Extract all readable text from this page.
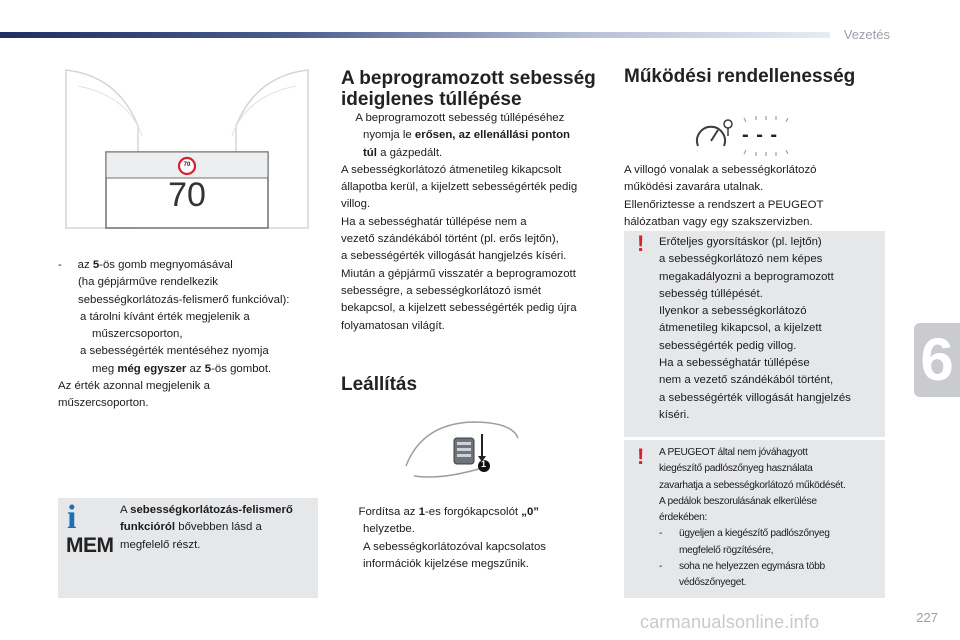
Vezetés
6
carmanualsonline.info	227
70
70

- az 5-ös gomb megnyomásával

(ha gépjárműve rendelkezik

sebességkorlátozás-felismerő funkcióval):

a tárolni kívánt érték megjelenik a

műszercsoporton,

a sebességérték mentéséhez nyomja

meg még egyszer az 5-ös gombot.

Az érték azonnal megjelenik a

műszercsoporton.

i
MEM

A sebességkorlátozás-felismerő

funkcióról bővebben lásd a

megfelelő részt.

A beprogramozott sebesség
ideiglenes túllépése

A beprogramozott sebesség túllépéséhez

nyomja le erősen, az ellenállási ponton

túl a gázpedált.

A sebességkorlátozó átmenetileg kikapcsolt

állapotba kerül, a kijelzett sebességérték pedig

villog.

Ha a sebességhatár túllépése nem a

vezető szándékából történt (pl. erős lejtőn),

a sebességérték villogását hangjelzés kíséri.

Miután a gépjármű visszatér a beprogramozott

sebességre, a sebességkorlátozó ismét

bekapcsol, a kijelzett sebességérték pedig újra

folyamatosan világít.

Leállítás
1

Fordítsa az 1-es forgókapcsolót „0”

helyzetbe.

A sebességkorlátozóval kapcsolatos

információk kijelzése megszűnik.

Működési rendellenesség
- - -

A villogó vonalak a sebességkorlátozó

működési zavarára utalnak.

Ellenőriztesse a rendszert a PEUGEOT

hálózatban vagy egy szakszervizben.

! Erőteljes gyorsításkor (pl. lejtőn)

a sebességkorlátozó nem képes

megakadályozni a beprogramozott

sebesség túllépését.

Ilyenkor a sebességkorlátozó

átmenetileg kikapcsol, a kijelzett

sebességérték pedig villog.

Ha a sebességhatár túllépése

nem a vezető szándékából történt,

a sebességérték villogását hangjelzés

kíséri.

! A PEUGEOT által nem jóváhagyott
kiegészítő padlószőnyeg használata
zavarhatja a sebességkorlátozó működését.
A pedálok beszorulásának elkerülése
érdekében:
- ügyeljen a kiegészítő padlószőnyeg
megfelelő rögzítésére,
- soha ne helyezzen egymásra több
védőszőnyeget.
